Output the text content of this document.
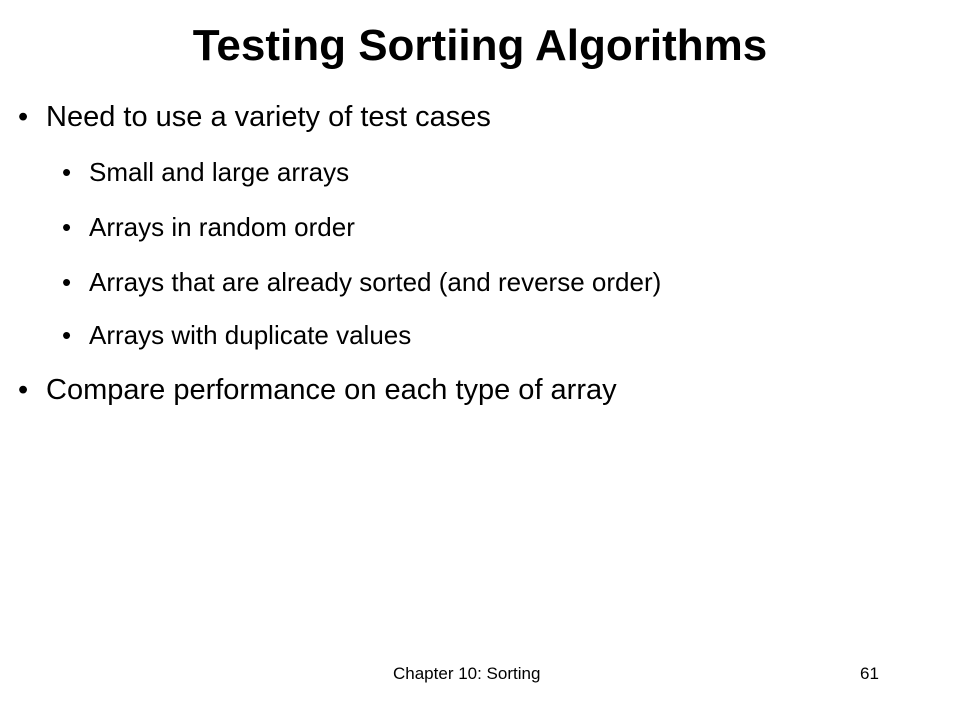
Testing Sortiing Algorithms
• Need to use a variety of test cases
• Small and large arrays
• Arrays in random order
• Arrays that are already sorted (and reverse order)
• Arrays with duplicate values
• Compare performance on each type of array
Chapter 10: Sorting	61
